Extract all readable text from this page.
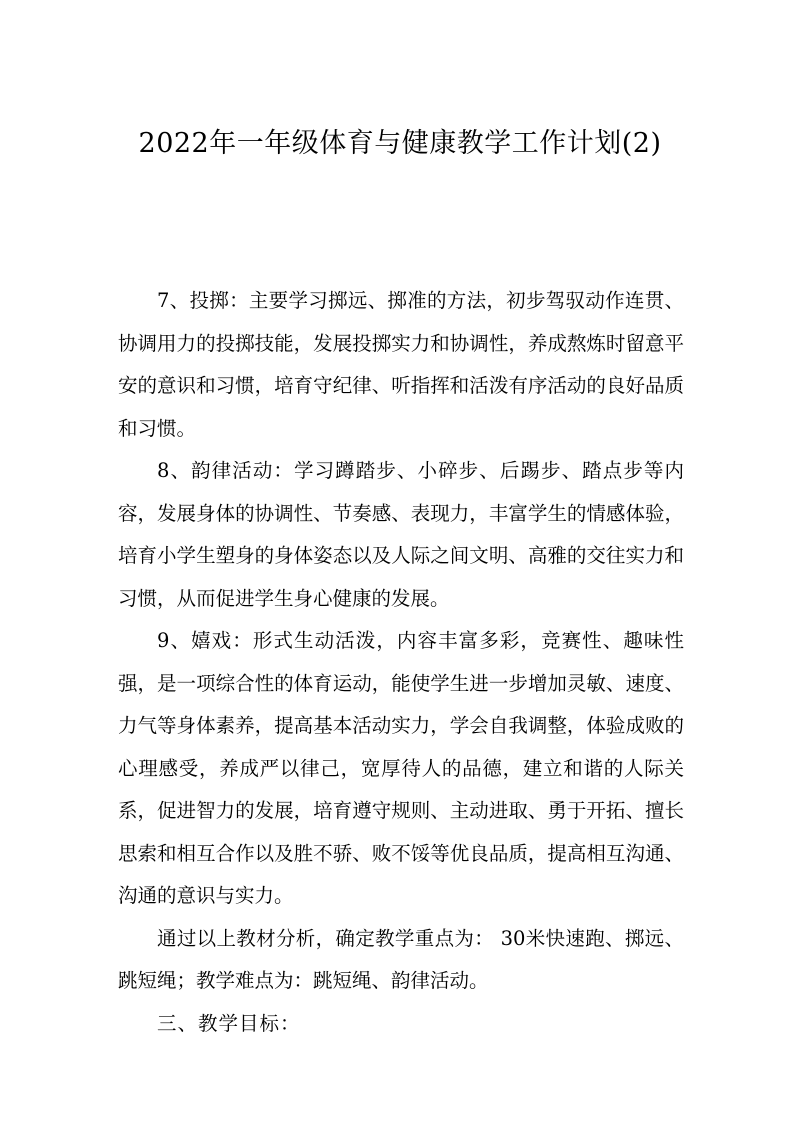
2022年一年级体育与健康教学工作计划(2)

7、投掷：主要学习掷远、掷准的方法，初步驾驭动作连贯、协调用力的投掷技能，发展投掷实力和协调性，养成熬炼时留意平安的意识和习惯，培育守纪律、听指挥和活泼有序活动的良好品质和习惯。

8、韵律活动：学习蹲踏步、小碎步、后踢步、踏点步等内容，发展身体的协调性、节奏感、表现力，丰富学生的情感体验，培育小学生塑身的身体姿态以及人际之间文明、高雅的交往实力和习惯，从而促进学生身心健康的发展。

9、嬉戏：形式生动活泼，内容丰富多彩，竞赛性、趣味性强，是一项综合性的体育运动，能使学生进一步增加灵敏、速度、力气等身体素养，提高基本活动实力，学会自我调整，体验成败的心理感受，养成严以律己，宽厚待人的品德，建立和谐的人际关系，促进智力的发展，培育遵守规则、主动进取、勇于开拓、擅长思索和相互合作以及胜不骄、败不馁等优良品质，提高相互沟通、沟通的意识与实力。

通过以上教材分析，确定教学重点为： 30米快速跑、掷远、跳短绳；教学难点为：跳短绳、韵律活动。

三、教学目标：
